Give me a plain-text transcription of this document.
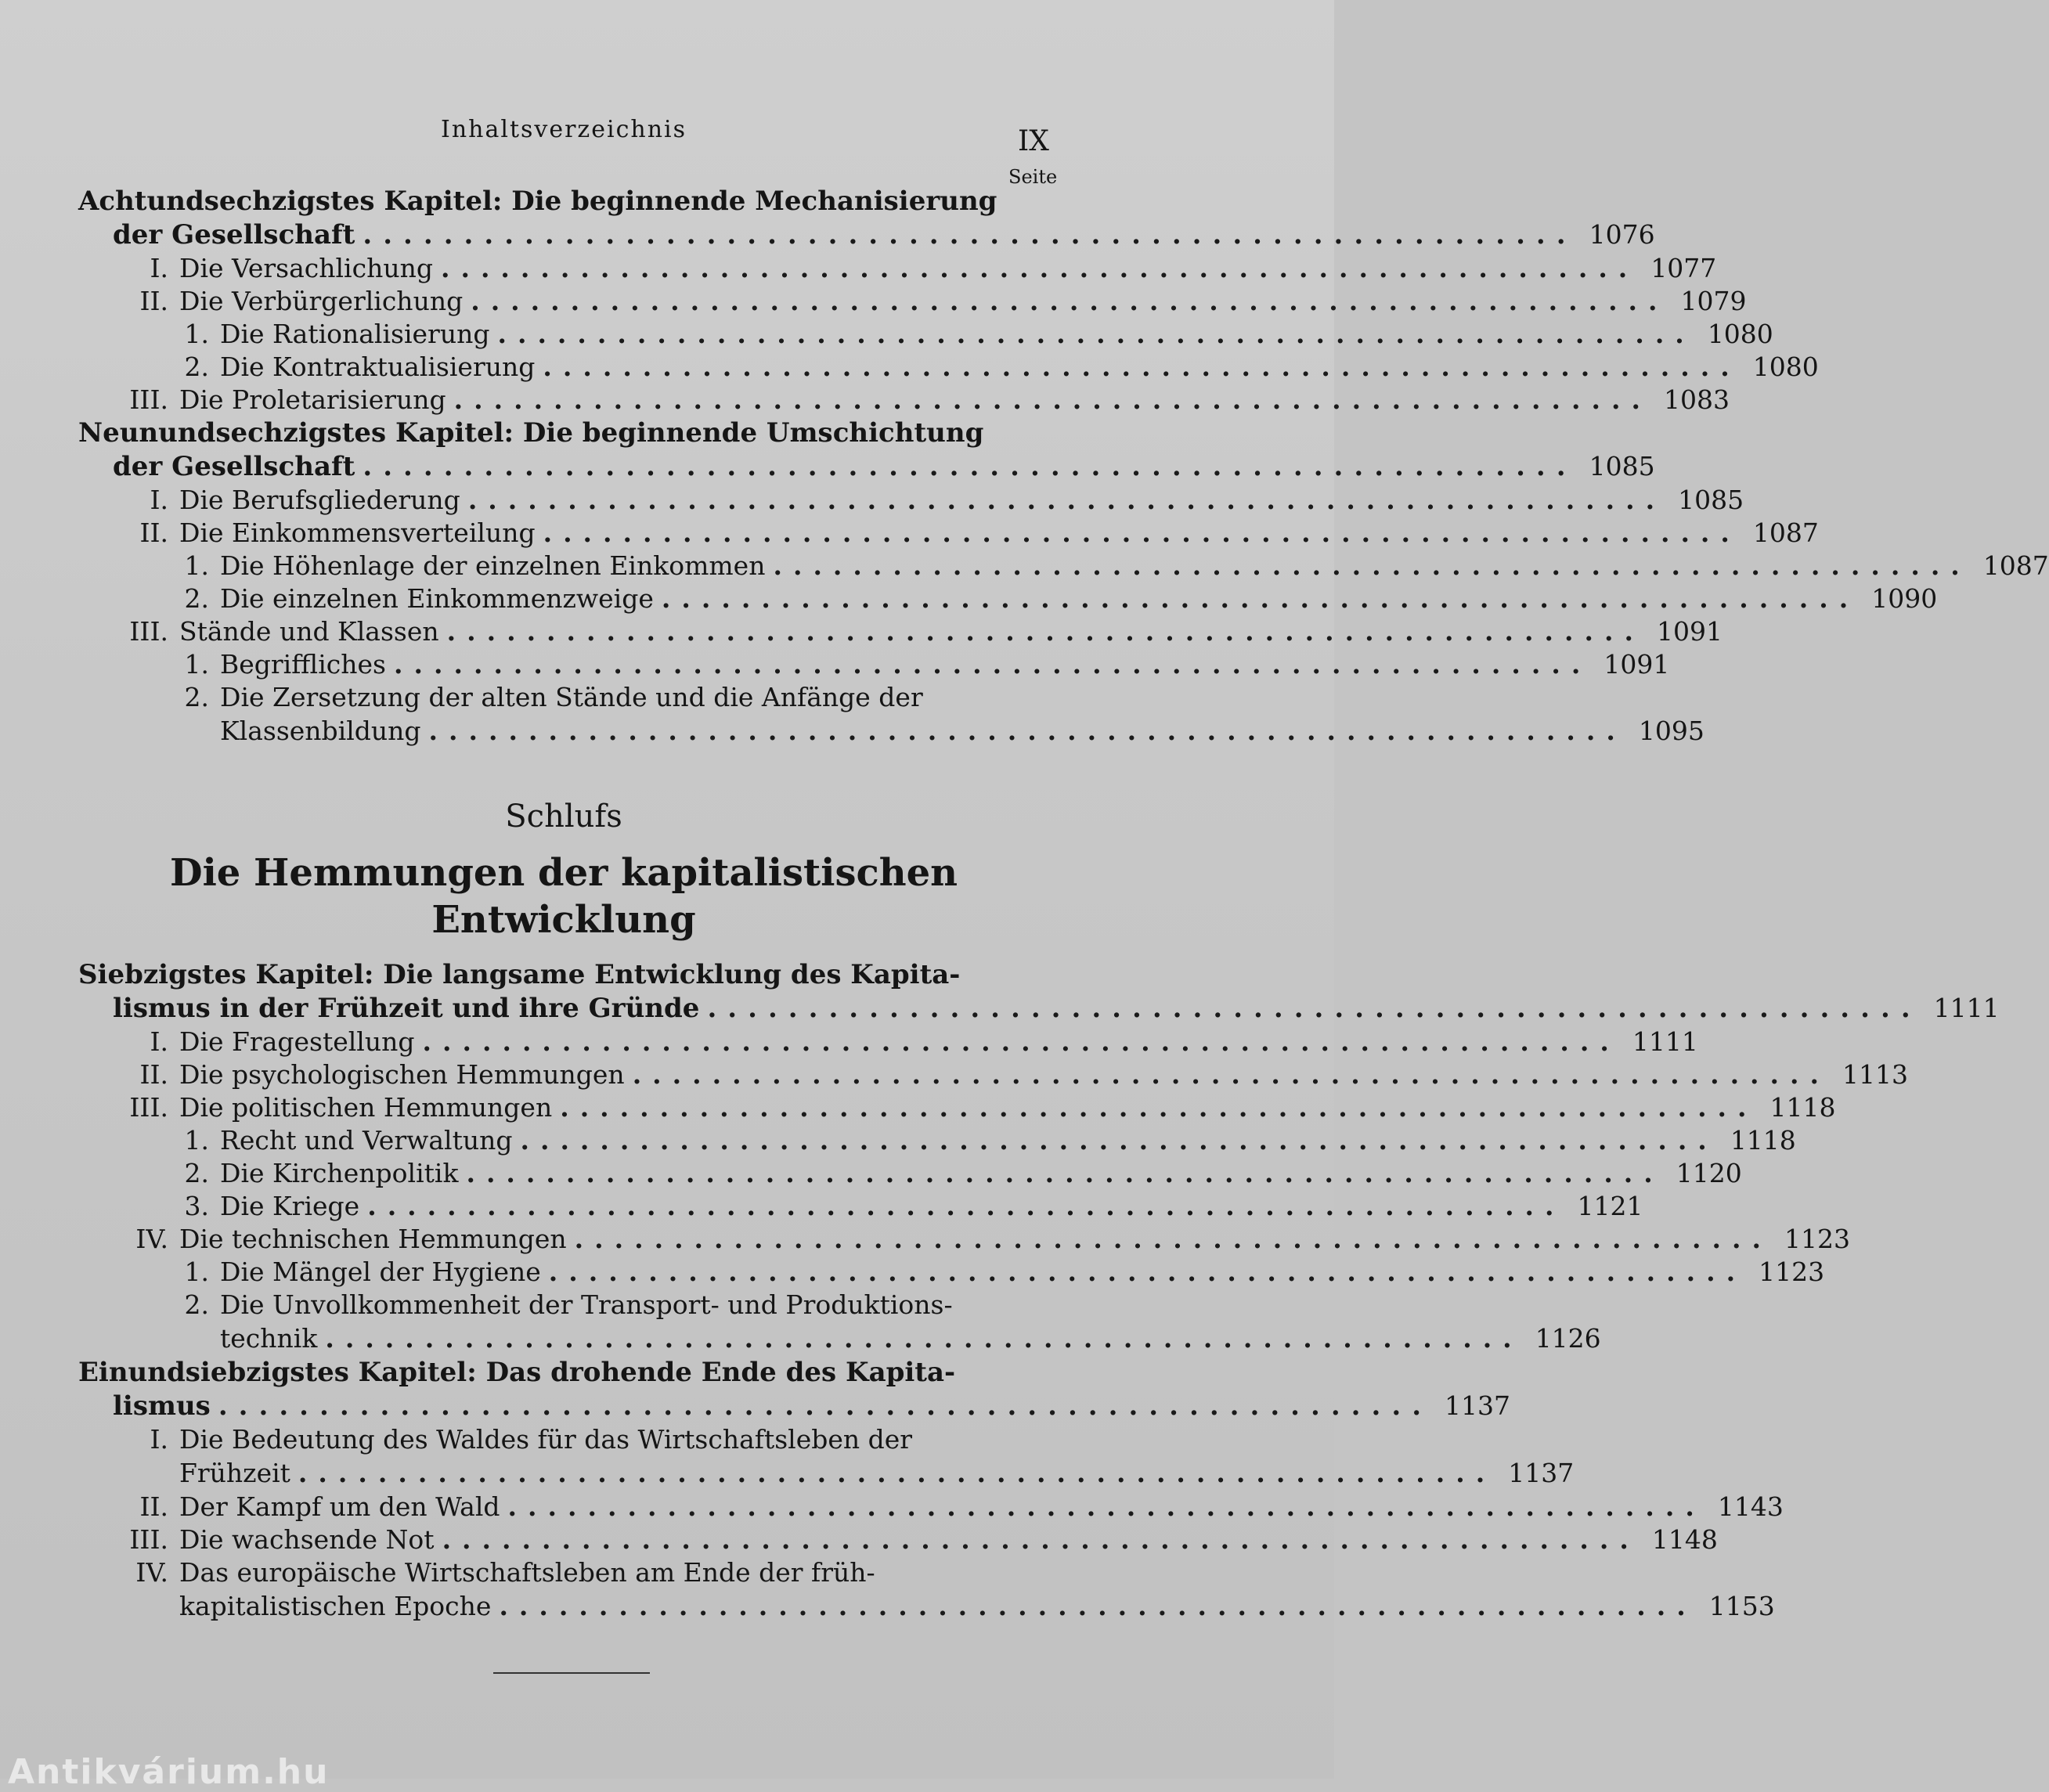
Inhaltsverzeichnis	IX
Seite
Achtundsechzigstes Kapitel: Die beginnende Mechanisierung
der Gesellschaft ............................................................ 1076
I. Die Versachlichung ............................................................ 1077
II. Die Verbürgerlichung ............................................................ 1079
1. Die Rationalisierung ............................................................ 1080
2. Die Kontraktualisierung ............................................................ 1080
III. Die Proletarisierung ............................................................ 1083
Neunundsechzigstes Kapitel: Die beginnende Umschichtung
der Gesellschaft ............................................................ 1085
I. Die Berufsgliederung ............................................................ 1085
II. Die Einkommensverteilung ............................................................ 1087
1. Die Höhenlage der einzelnen Einkommen ............................................................ 1087
2. Die einzelnen Einkommenzweige ............................................................ 1090
III. Stände und Klassen ............................................................ 1091
1. Begriffliches ............................................................ 1091
2. Die Zersetzung der alten Stände und die Anfänge der
Klassenbildung ............................................................ 1095
Schlufs
Die Hemmungen der kapitalistischen
Entwicklung
Siebzigstes Kapitel: Die langsame Entwicklung des Kapita-
lismus in der Frühzeit und ihre Gründe ............................................................ 1111
I. Die Fragestellung ............................................................ 1111
II. Die psychologischen Hemmungen ............................................................ 1113
III. Die politischen Hemmungen ............................................................ 1118
1. Recht und Verwaltung ............................................................ 1118
2. Die Kirchenpolitik ............................................................ 1120
3. Die Kriege ............................................................ 1121
IV. Die technischen Hemmungen ............................................................ 1123
1. Die Mängel der Hygiene ............................................................ 1123
2. Die Unvollkommenheit der Transport- und Produktions-
technik ............................................................ 1126
Einundsiebzigstes Kapitel: Das drohende Ende des Kapita-
lismus ............................................................ 1137
I. Die Bedeutung des Waldes für das Wirtschaftsleben der
Frühzeit ............................................................ 1137
II. Der Kampf um den Wald ............................................................ 1143
III. Die wachsende Not ............................................................ 1148
IV. Das europäische Wirtschaftsleben am Ende der früh-
kapitalistischen Epoche ............................................................ 1153
Antikvárium.hu
